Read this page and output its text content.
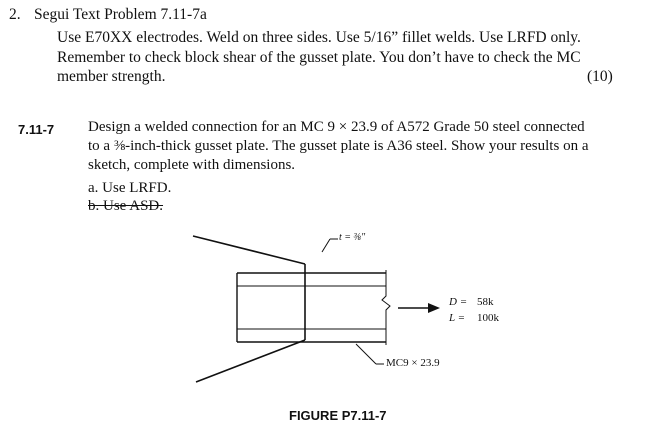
2. Segui Text Problem 7.11-7a
Use E70XX electrodes. Weld on three sides. Use 5/16” fillet welds. Use LRFD only.
Remember to check block shear of the gusset plate. You don’t have to check the MC
member strength.	(10)
7.11-7 Design a welded connection for an MC 9 × 23.9 of A572 Grade 50 steel connected
to a ⅜-inch-thick gusset plate. The gusset plate is A36 steel. Show your results on a
sketch, complete with dimensions.
a. Use LRFD.
b. Use ASD.
t = ⅜″
D = 58k
L = 100k
MC9 × 23.9
FIGURE P7.11-7
